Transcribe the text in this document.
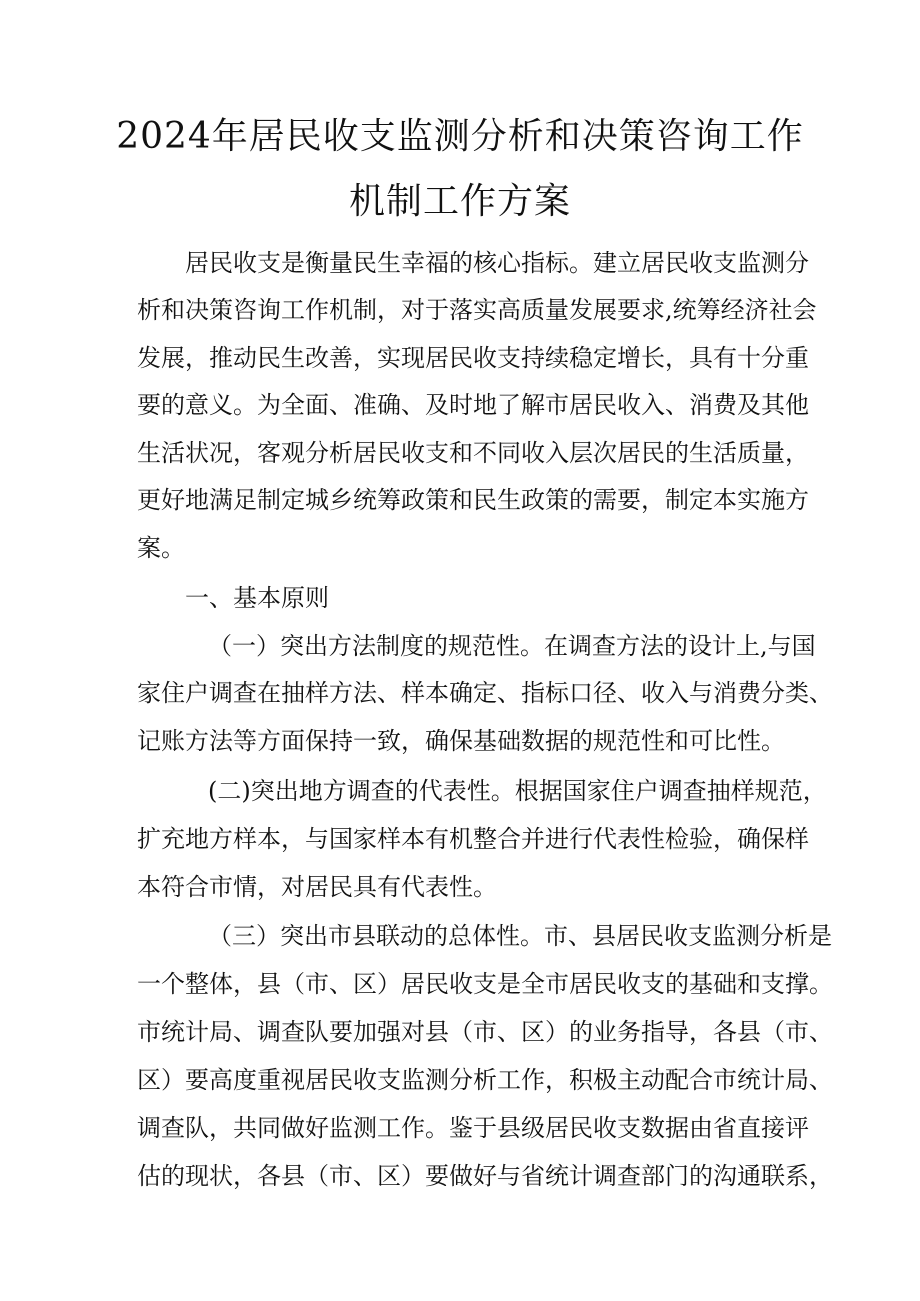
2024年居民收支监测分析和决策咨询工作
机制工作方案
居民收支是衡量民生幸福的核心指标。建立居民收支监测分
析和决策咨询工作机制，对于落实高质量发展要求,统筹经济社会
发展，推动民生改善，实现居民收支持续稳定增长，具有十分重
要的意义。为全面、准确、及时地了解市居民收入、消费及其他
生活状况，客观分析居民收支和不同收入层次居民的生活质量，
更好地满足制定城乡统筹政策和民生政策的需要，制定本实施方
案。
一、基本原则
（一）突出方法制度的规范性。在调查方法的设计上,与国
家住户调查在抽样方法、样本确定、指标口径、收入与消费分类、
记账方法等方面保持一致，确保基础数据的规范性和可比性。
(二)突出地方调查的代表性。根据国家住户调查抽样规范，
扩充地方样本，与国家样本有机整合并进行代表性检验，确保样
本符合市情，对居民具有代表性。
（三）突出市县联动的总体性。市、县居民收支监测分析是
一个整体，县（市、区）居民收支是全市居民收支的基础和支撑。
市统计局、调查队要加强对县（市、区）的业务指导，各县（市、
区）要高度重视居民收支监测分析工作，积极主动配合市统计局、
调查队，共同做好监测工作。鉴于县级居民收支数据由省直接评
估的现状，各县（市、区）要做好与省统计调查部门的沟通联系，
